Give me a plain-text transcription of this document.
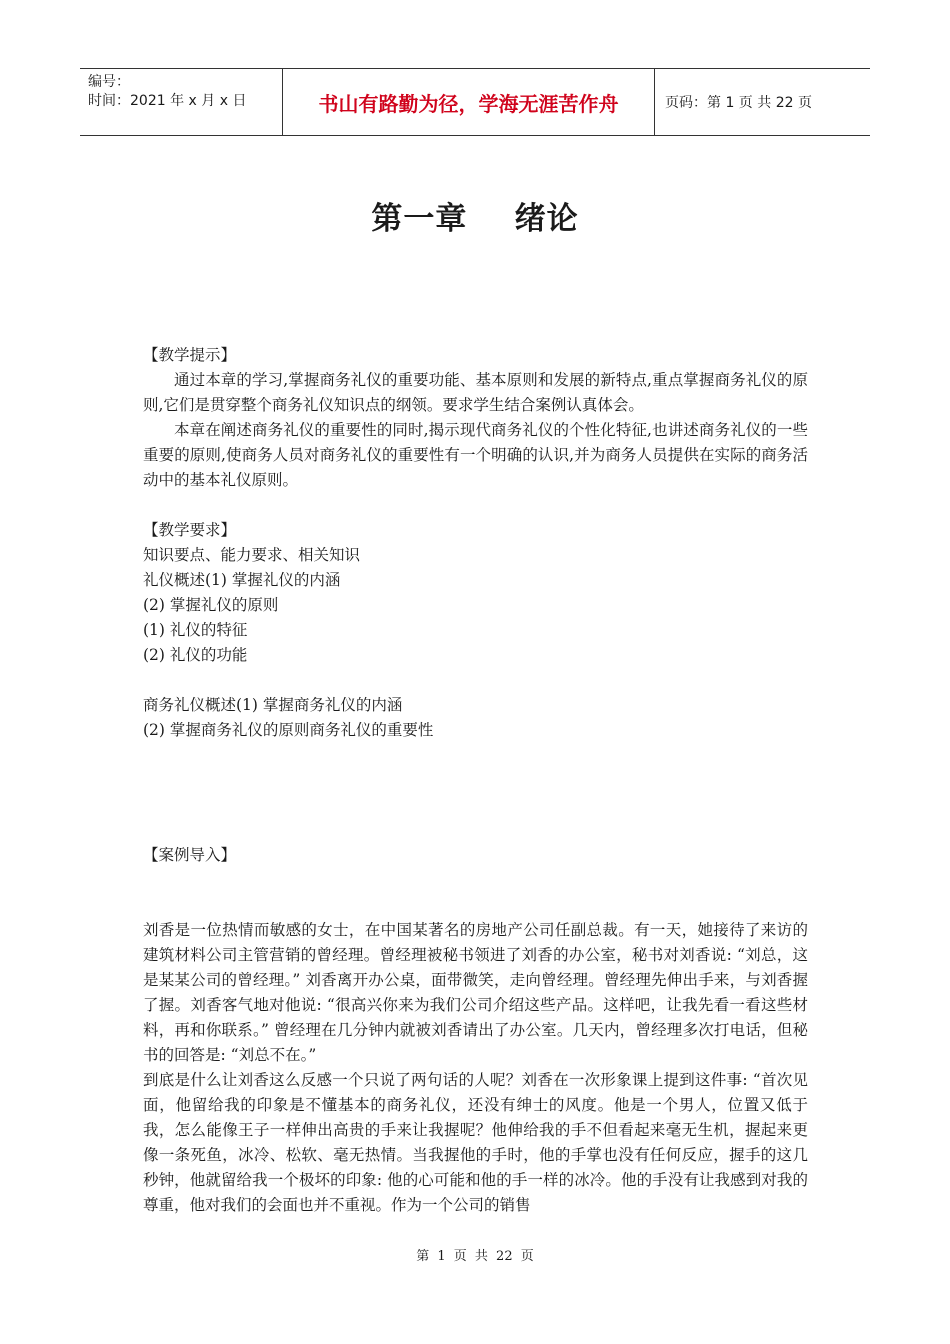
编号：
时间：2021 年 x 月 x 日	书山有路勤为径，学海无涯苦作舟	页码：第 1 页 共 22 页
第一章    绪论

【教学提示】

通过本章的学习,掌握商务礼仪的重要功能、基本原则和发展的新特点,重点掌握商务礼仪的原则,它们是贯穿整个商务礼仪知识点的纲领。要求学生结合案例认真体会。

本章在阐述商务礼仪的重要性的同时,揭示现代商务礼仪的个性化特征,也讲述商务礼仪的一些重要的原则,使商务人员对商务礼仪的重要性有一个明确的认识,并为商务人员提供在实际的商务活动中的基本礼仪原则。

【教学要求】

知识要点、能力要求、相关知识

礼仪概述(1) 掌握礼仪的内涵

(2) 掌握礼仪的原则

(1) 礼仪的特征

(2) 礼仪的功能

商务礼仪概述(1) 掌握商务礼仪的内涵

(2) 掌握商务礼仪的原则商务礼仪的重要性

【案例导入】

刘香是一位热情而敏感的女士，在中国某著名的房地产公司任副总裁。有一天，她接待了来访的建筑材料公司主管营销的曾经理。曾经理被秘书领进了刘香的办公室，秘书对刘香说: “刘总，这是某某公司的曾经理。” 刘香离开办公桌，面带微笑，走向曾经理。曾经理先伸出手来，与刘香握了握。刘香客气地对他说: “很高兴你来为我们公司介绍这些产品。这样吧，让我先看一看这些材料，再和你联系。” 曾经理在几分钟内就被刘香请出了办公室。几天内，曾经理多次打电话，但秘书的回答是: “刘总不在。”

到底是什么让刘香这么反感一个只说了两句话的人呢？刘香在一次形象课上提到这件事: “首次见面，他留给我的印象是不懂基本的商务礼仪，还没有绅士的风度。他是一个男人，位置又低于我，怎么能像王子一样伸出高贵的手来让我握呢？他伸给我的手不但看起来毫无生机，握起来更像一条死鱼，冰冷、松软、毫无热情。当我握他的手时，他的手掌也没有任何反应，握手的这几秒钟，他就留给我一个极坏的印象: 他的心可能和他的手一样的冰冷。他的手没有让我感到对我的尊重，他对我们的会面也并不重视。作为一个公司的销售

第 1 页 共 22 页
